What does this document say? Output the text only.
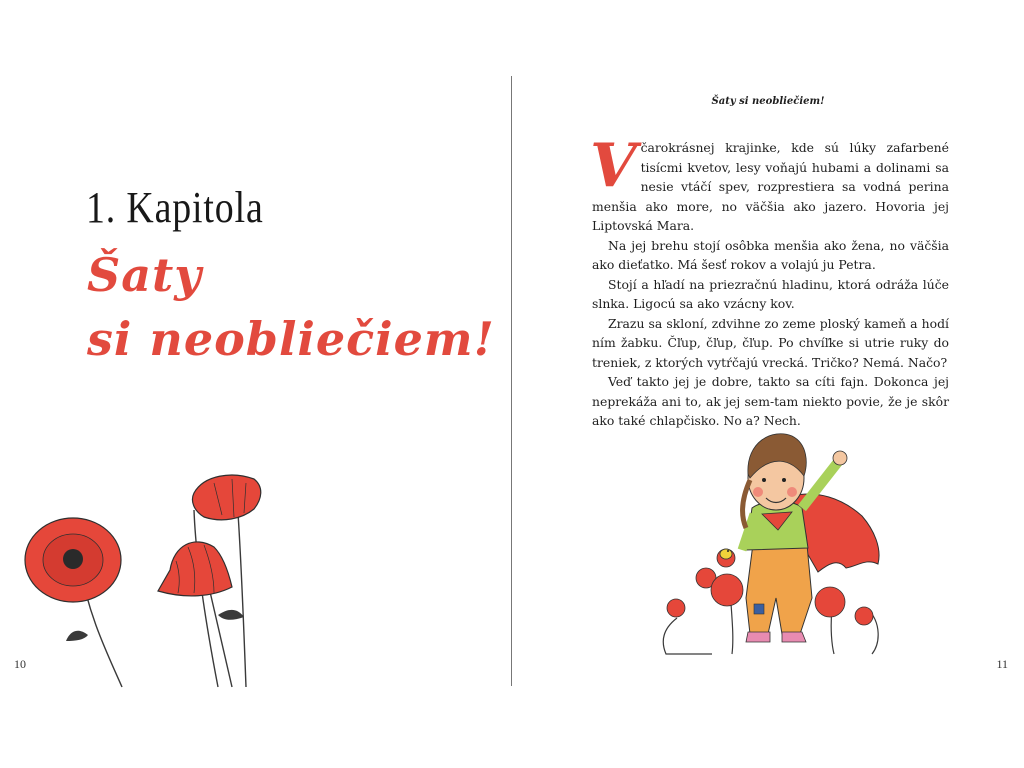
1. Kapitola
Šaty
si neobliečiem!
10
Šaty si neobliečiem!

Včarokrásnej krajinke, kde sú lúky zafarbené tisícmi kvetov, lesy voňajú hubami a dolinami sa nesie vtáčí spev, rozprestiera sa vodná perina menšia ako more, no väčšia ako jazero. Hovoria jej Liptovská Mara.

Na jej brehu stojí osôbka menšia ako žena, no väčšia ako dieťatko. Má šesť rokov a volajú ju Petra.

Stojí a hľadí na priezračnú hladinu, ktorá odráža lúče slnka. Ligocú sa ako vzácny kov.

Zrazu sa skloní, zdvihne zo zeme ploský kameň a hodí ním žabku. Čľup, čľup, čľup. Po chvíľke si utrie ruky do treniek, z ktorých vytŕčajú vrecká. Tričko? Nemá. Načo?

Veď takto jej je dobre, takto sa cíti fajn. Dokonca jej neprekáža ani to, ak jej sem-tam niekto povie, že je skôr ako také chlapčisko. No a? Nech.

11
